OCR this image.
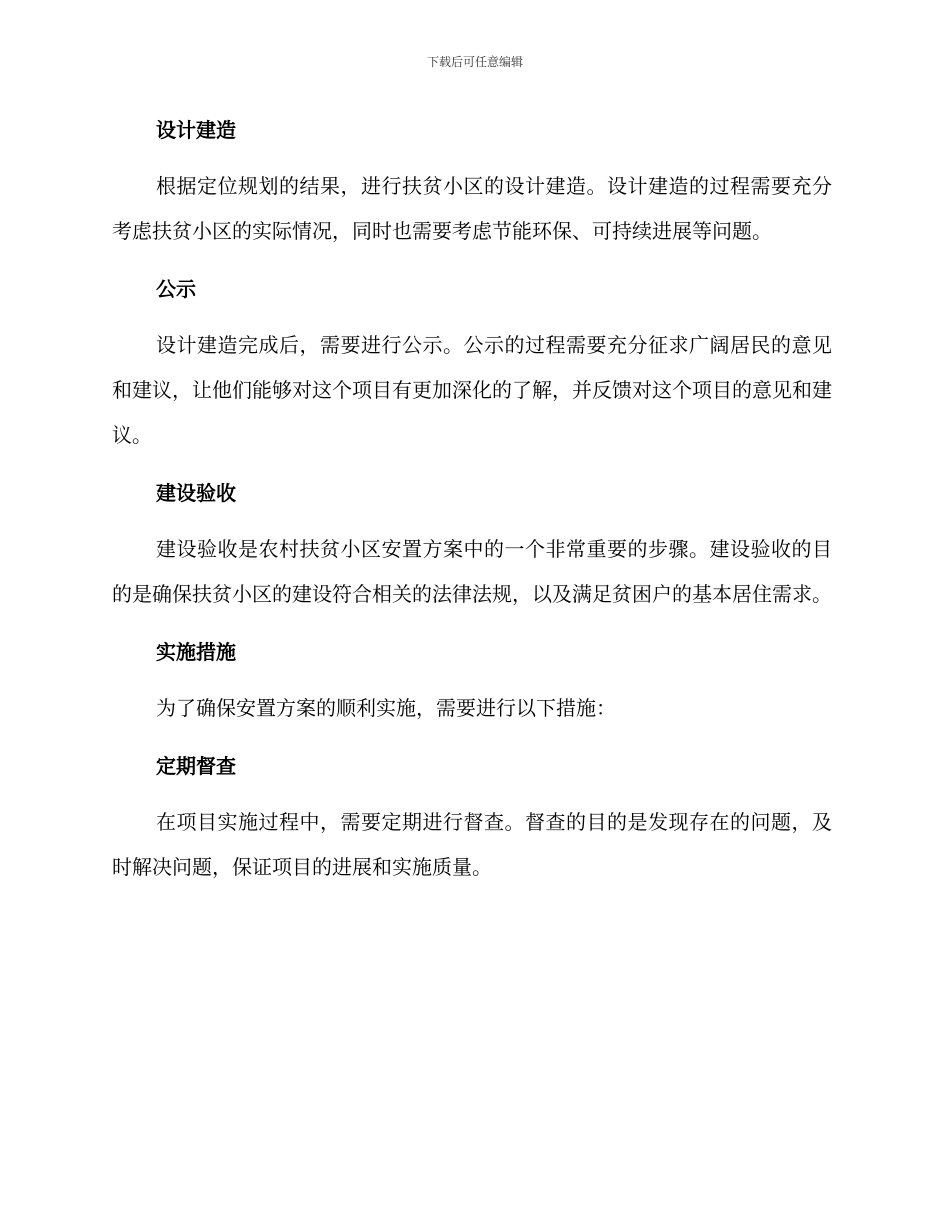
下载后可任意编辑
设计建造

根据定位规划的结果，进行扶贫小区的设计建造。设计建造的过程需要充分考虑扶贫小区的实际情况，同时也需要考虑节能环保、可持续进展等问题。

公示

设计建造完成后，需要进行公示。公示的过程需要充分征求广阔居民的意见和建议，让他们能够对这个项目有更加深化的了解，并反馈对这个项目的意见和建议。

建设验收

建设验收是农村扶贫小区安置方案中的一个非常重要的步骤。建设验收的目的是确保扶贫小区的建设符合相关的法律法规，以及满足贫困户的基本居住需求。

实施措施

为了确保安置方案的顺利实施，需要进行以下措施：

定期督查

在项目实施过程中，需要定期进行督查。督查的目的是发现存在的问题，及时解决问题，保证项目的进展和实施质量。
